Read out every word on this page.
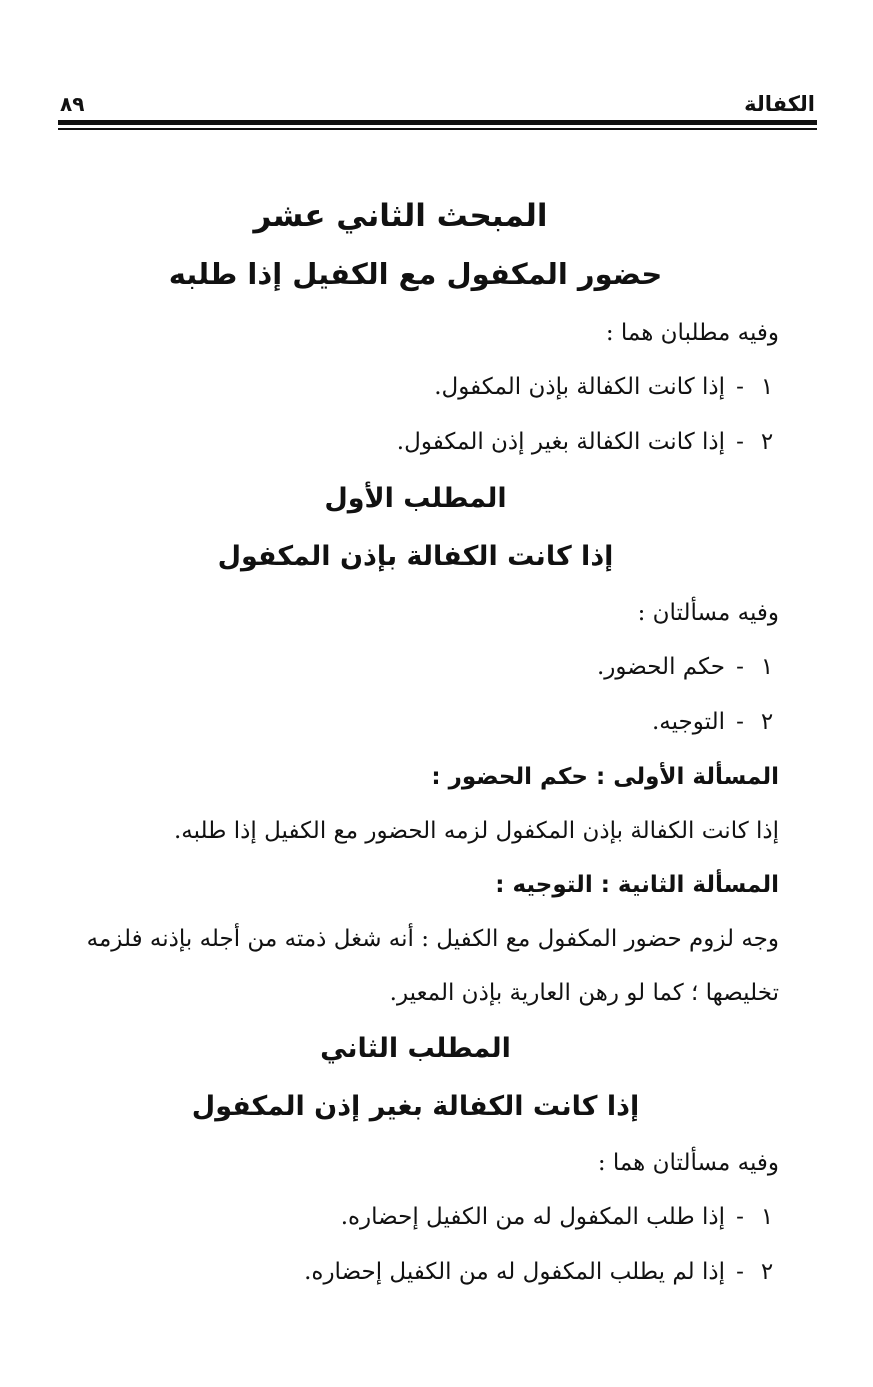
الكفالة
٨٩
المبحث الثاني عشر
حضور المكفول مع الكفيل إذا طلبه

وفيه مطلبان هما :

١
-
إذا كانت الكفالة بإذن المكفول.
٢
-
إذا كانت الكفالة بغير إذن المكفول.
المطلب الأول
إذا كانت الكفالة بإذن المكفول

وفيه مسألتان :

١
-
حكم الحضور.
٢
-
التوجيه.

المسألة الأولى : حكم الحضور :

إذا كانت الكفالة بإذن المكفول لزمه الحضور مع الكفيل إذا طلبه.

المسألة الثانية : التوجيه :

وجه لزوم حضور المكفول مع الكفيل : أنه شغل ذمته من أجله بإذنه فلزمه

تخليصها ؛ كما لو رهن العارية بإذن المعير.

المطلب الثاني
إذا كانت الكفالة بغير إذن المكفول

وفيه مسألتان هما :

١
-
إذا طلب المكفول له من الكفيل إحضاره.
٢
-
إذا لم يطلب المكفول له من الكفيل إحضاره.
